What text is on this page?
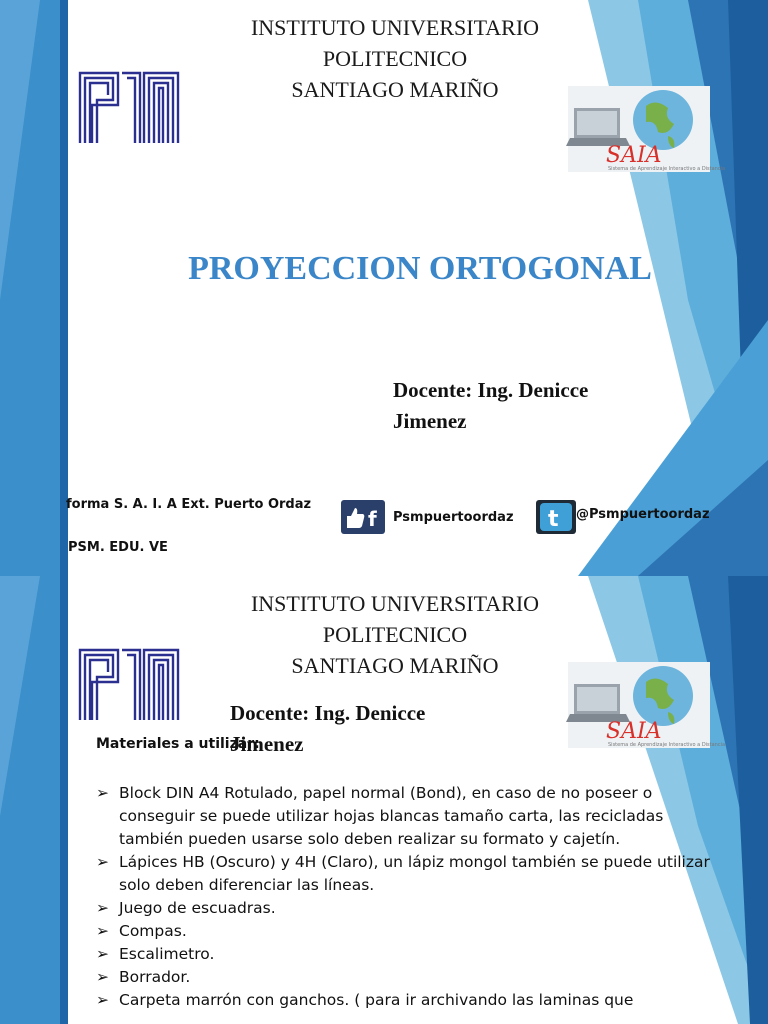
INSTITUTO UNIVERSITARIO
POLITECNICO
SANTIAGO MARIÑO
SAIA
Sistema de Aprendizaje Interactivo a Distancia
PROYECCION ORTOGONAL
Docente: Ing. Denicce
Jimenez
forma S. A. I. A Ext. Puerto Ordaz
PSM. EDU. VE
f Psmpuertoordaz t @Psmpuertoordaz
INSTITUTO UNIVERSITARIO
POLITECNICO
SANTIAGO MARIÑO
SAIA
Sistema de Aprendizaje Interactivo a Distancia
Docente: Ing. Denicce
Jimenez
Materiales a utilizar:
➢ Block DIN A4 Rotulado, papel normal (Bond), en caso de no poseer o conseguir se puede utilizar hojas blancas tamaño carta, las recicladas también pueden usarse solo deben realizar su formato y cajetín.
➢ Lápices HB (Oscuro) y 4H (Claro), un lápiz mongol también se puede utilizar solo deben diferenciar las líneas.
➢ Juego de escuadras.
➢ Compas.
➢ Escalimetro.
➢ Borrador.
➢ Carpeta marrón con ganchos. ( para ir archivando las laminas que
